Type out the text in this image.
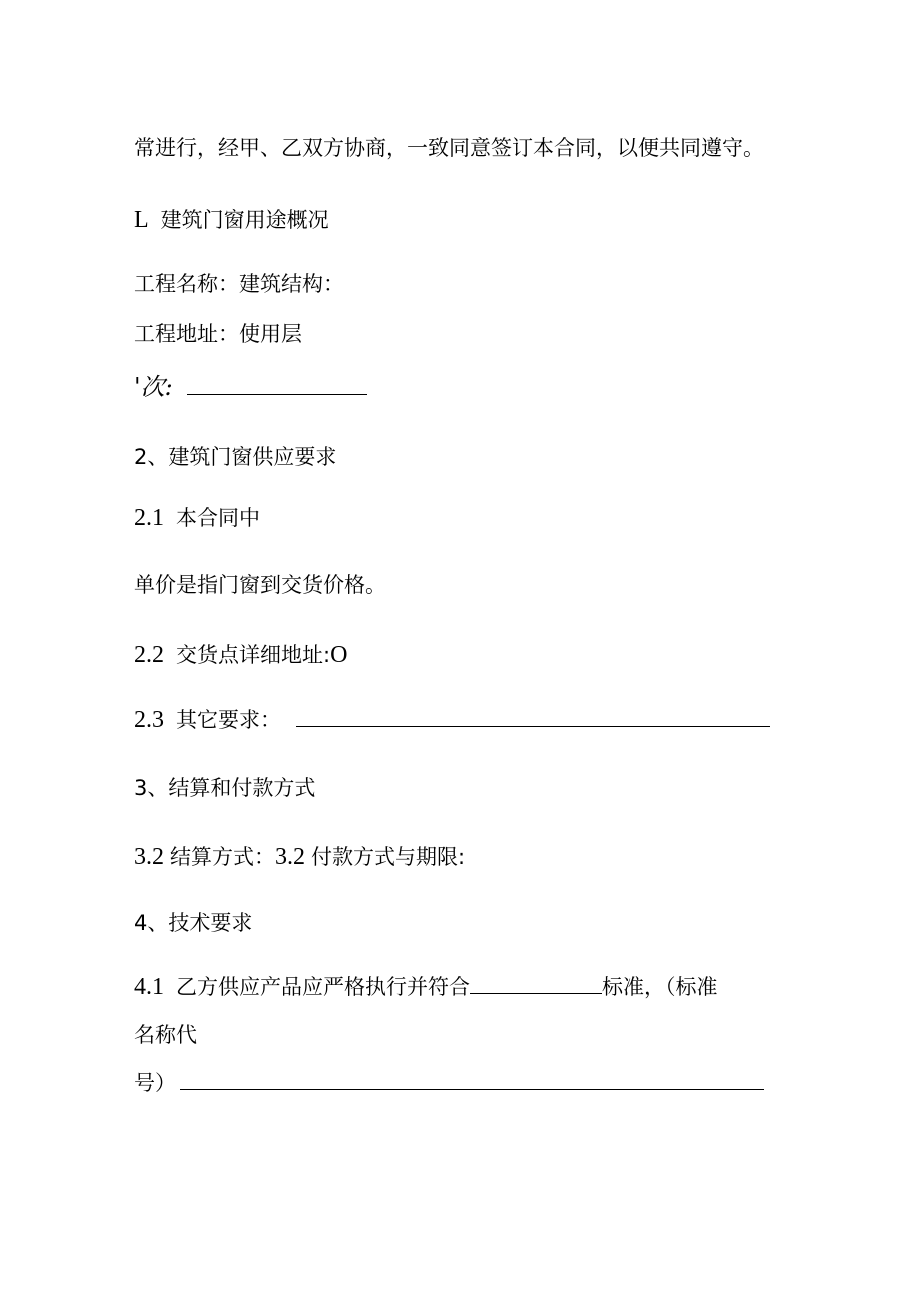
常进行，经甲、乙双方协商，一致同意签订本合同，以便共同遵守。
L 建筑门窗用途概况
工程名称：建筑结构：
工程地址：使用层
'次:
2、建筑门窗供应要求
2.1 本合同中
单价是指门窗到交货价格。
2.2 交货点详细地址:O
2.3 其它要求：
3、结算和付款方式
3.2 结算方式：3.2 付款方式与期限:
4、技术要求
4.1 乙方供应产品应严格执行并符合	标准，（标准
名称代
号）
